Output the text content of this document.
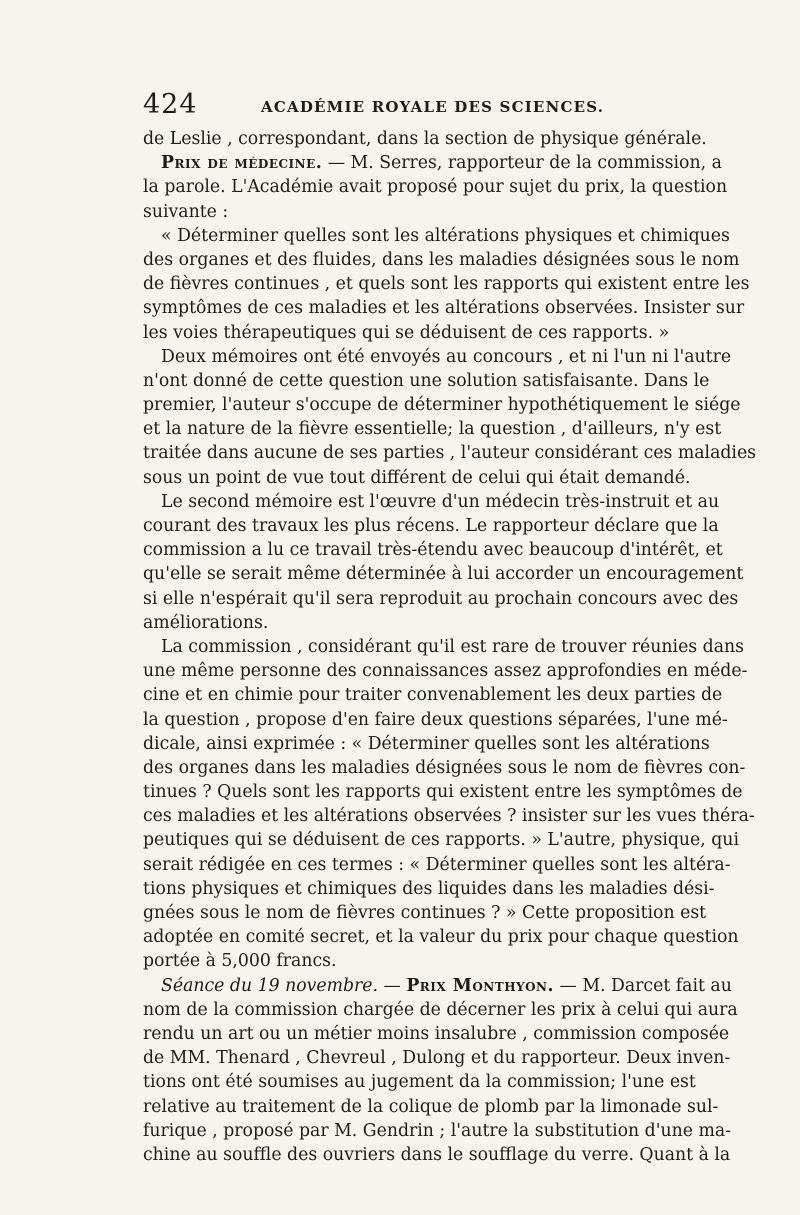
424	ACADÉMIE ROYALE DES SCIENCES.
de Leslie , correspondant, dans la section de physique générale.
Prix de médecine. — M. Serres, rapporteur de la commission, a
la parole. L'Académie avait proposé pour sujet du prix, la question
suivante :
« Déterminer quelles sont les altérations physiques et chimiques
des organes et des fluides, dans les maladies désignées sous le nom
de fièvres continues , et quels sont les rapports qui existent entre les
symptômes de ces maladies et les altérations observées. Insister sur
les voies thérapeutiques qui se déduisent de ces rapports. »
Deux mémoires ont été envoyés au concours , et ni l'un ni l'autre
n'ont donné de cette question une solution satisfaisante. Dans le
premier, l'auteur s'occupe de déterminer hypothétiquement le siége
et la nature de la fièvre essentielle; la question , d'ailleurs, n'y est
traitée dans aucune de ses parties , l'auteur considérant ces maladies
sous un point de vue tout différent de celui qui était demandé.
Le second mémoire est l'œuvre d'un médecin très-instruit et au
courant des travaux les plus récens. Le rapporteur déclare que la
commission a lu ce travail très-étendu avec beaucoup d'intérêt, et
qu'elle se serait même déterminée à lui accorder un encouragement
si elle n'espérait qu'il sera reproduit au prochain concours avec des
améliorations.
La commission , considérant qu'il est rare de trouver réunies dans
une même personne des connaissances assez approfondies en méde-
cine et en chimie pour traiter convenablement les deux parties de
la question , propose d'en faire deux questions séparées, l'une mé-
dicale, ainsi exprimée : « Déterminer quelles sont les altérations
des organes dans les maladies désignées sous le nom de fièvres con-
tinues ? Quels sont les rapports qui existent entre les symptômes de
ces maladies et les altérations observées ? insister sur les vues théra-
peutiques qui se déduisent de ces rapports. » L'autre, physique, qui
serait rédigée en ces termes : « Déterminer quelles sont les altéra-
tions physiques et chimiques des liquides dans les maladies dési-
gnées sous le nom de fièvres continues ? » Cette proposition est
adoptée en comité secret, et la valeur du prix pour chaque question
portée à 5,000 francs.
Séance du 19 novembre. — Prix Monthyon. — M. Darcet fait au
nom de la commission chargée de décerner les prix à celui qui aura
rendu un art ou un métier moins insalubre , commission composée
de MM. Thenard , Chevreul , Dulong et du rapporteur. Deux inven-
tions ont été soumises au jugement da la commission; l'une est
relative au traitement de la colique de plomb par la limonade sul-
furique , proposé par M. Gendrin ; l'autre la substitution d'une ma-
chine au souffle des ouvriers dans le soufflage du verre. Quant à la
